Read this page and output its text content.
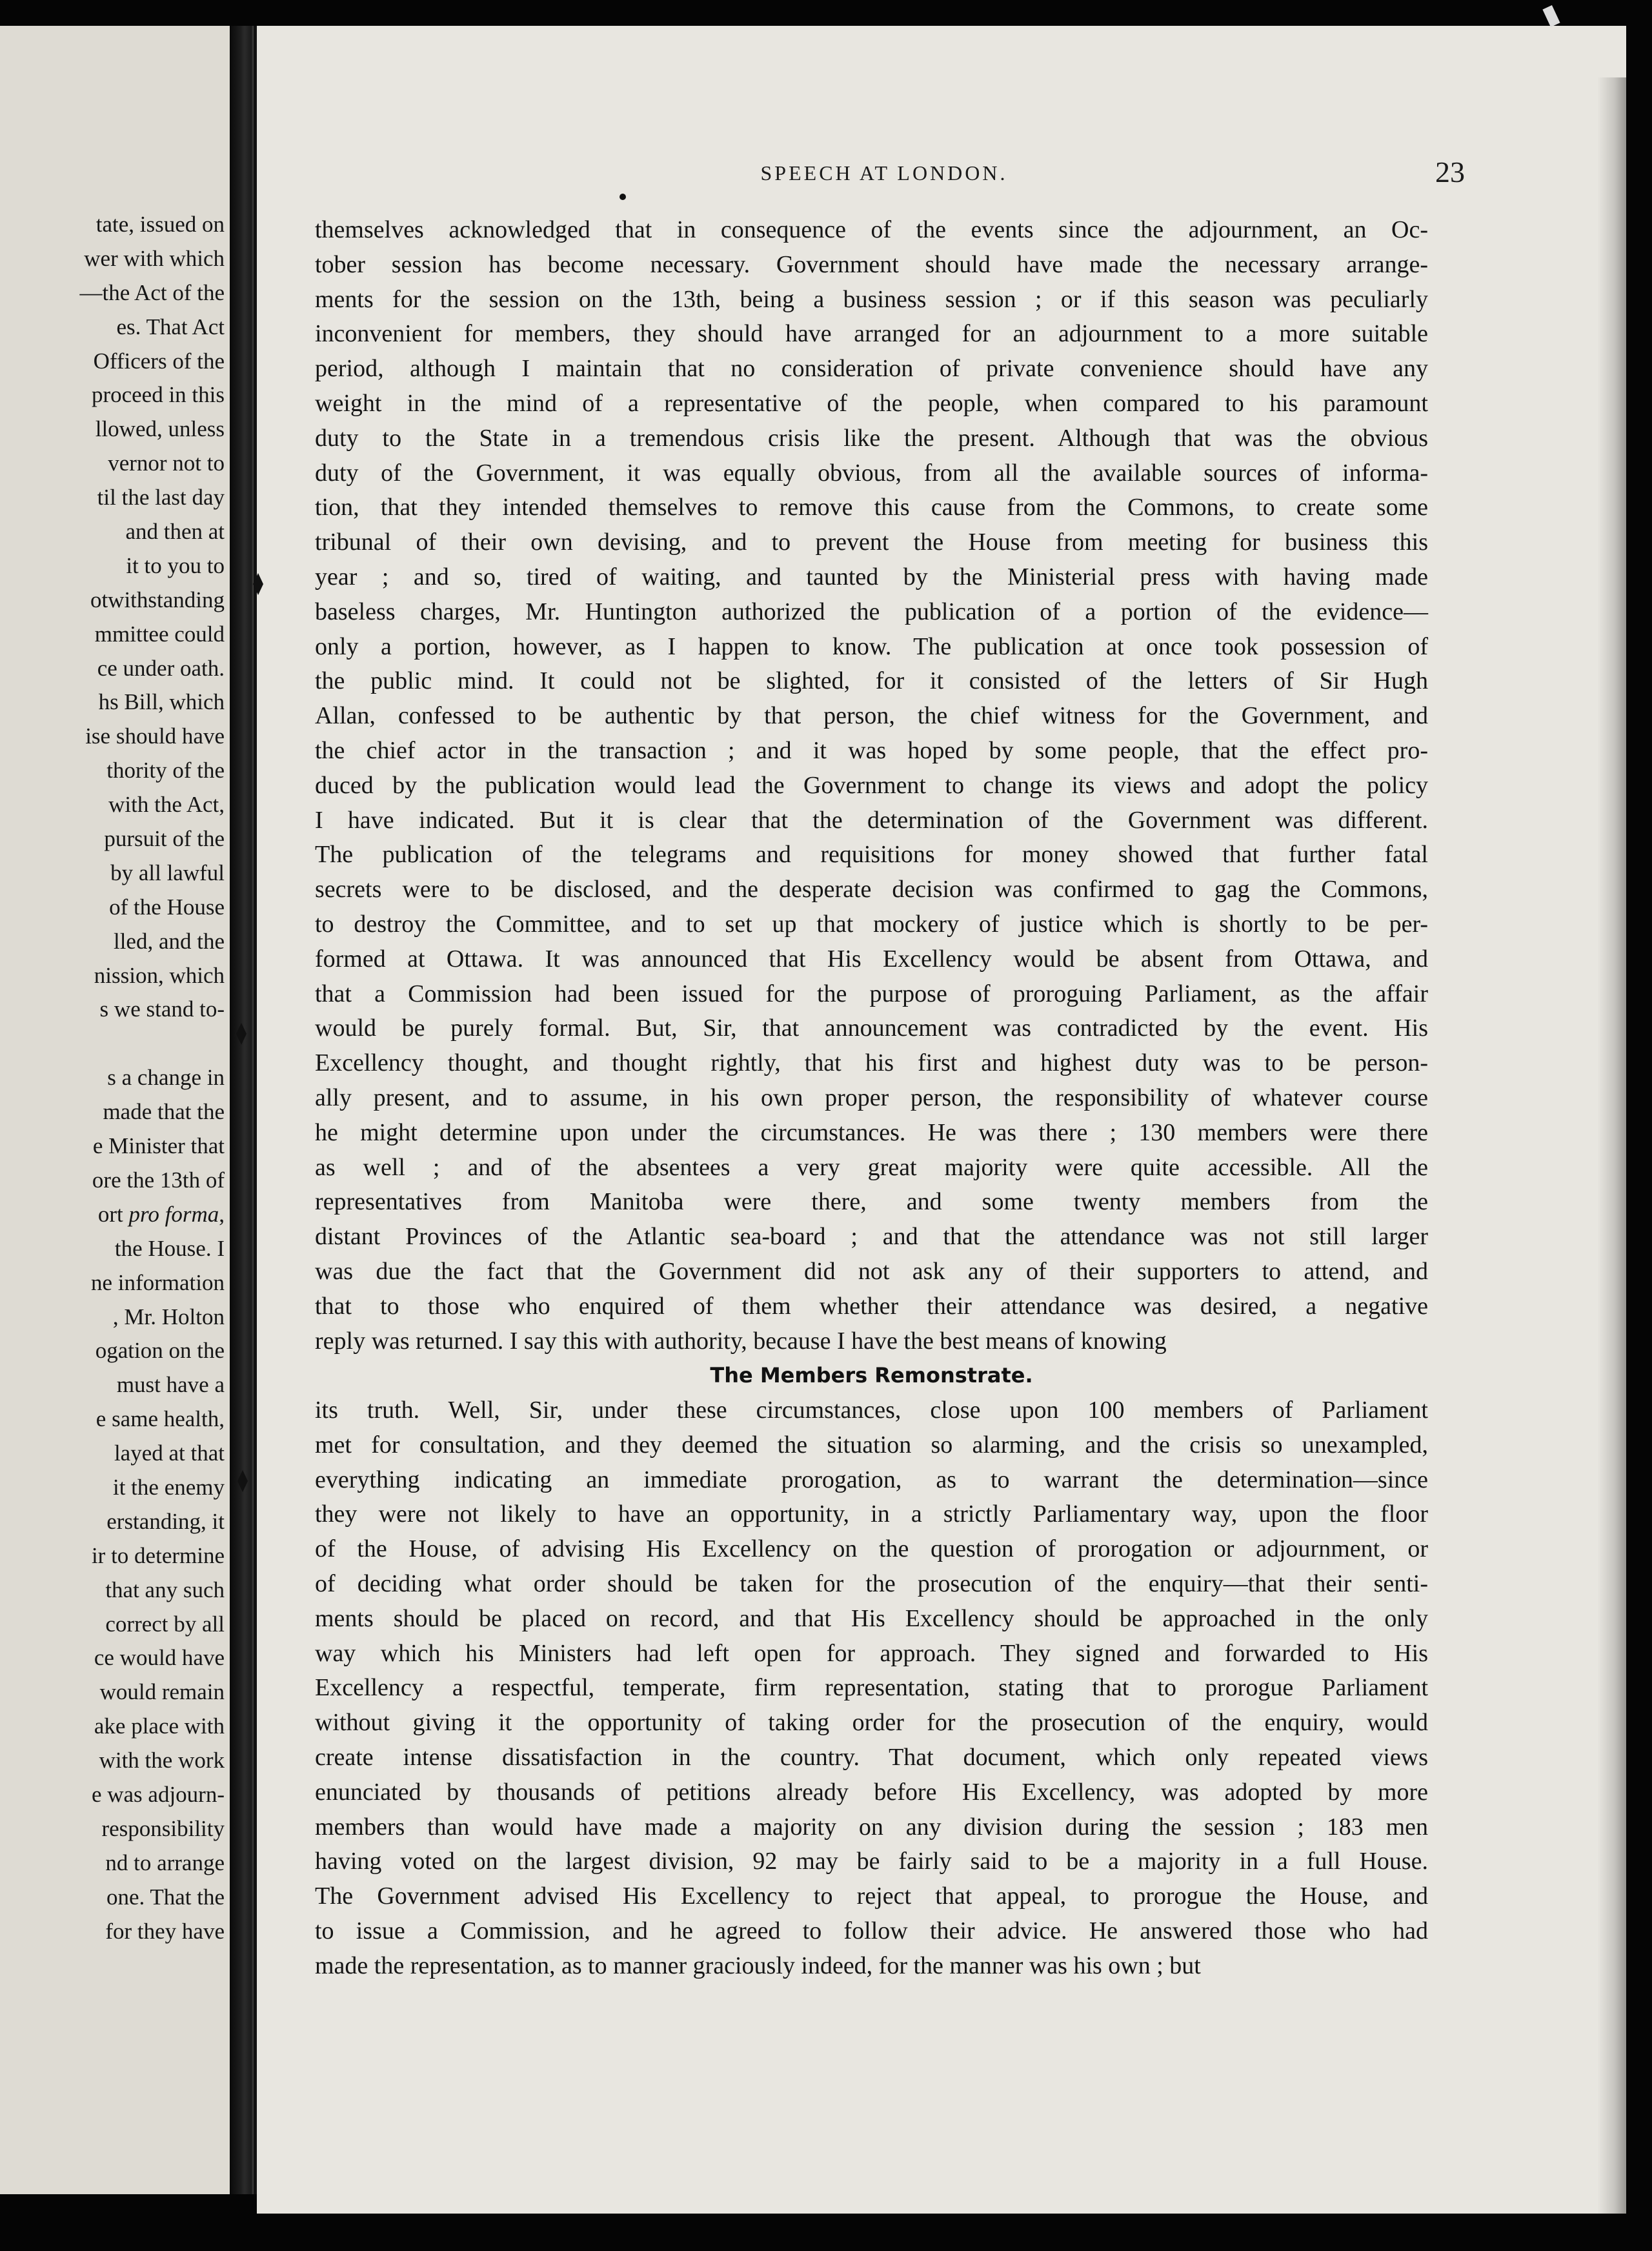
tate, issued on
wer with which
—the Act of the
es. That Act
Officers of the
proceed in this
llowed, unless
vernor not to
til the last day
and then at
it to you to
otwithstanding
mmittee could
ce under oath.
hs Bill, which
ise should have
thority of the
with the Act,
pursuit of the
by all lawful
of the House
lled, and the
nission, which
s we stand to-
s a change in
made that the
e Minister that
ore the 13th of
ort pro forma,
the House. I
ne information
, Mr. Holton
ogation on the
must have a
e same health,
layed at that
it the enemy
erstanding, it
ir to determine
that any such
correct by all
ce would have
would remain
ake place with
with the work
e was adjourn-
responsibility
nd to arrange
one. That the
for they have
SPEECH AT LONDON.	23
themselves acknowledged that in consequence of the events since the adjournment, an Oc-
tober session has become necessary. Government should have made the necessary arrange-
ments for the session on the 13th, being a business session ; or if this season was peculiarly
inconvenient for members, they should have arranged for an adjournment to a more suitable
period, although I maintain that no consideration of private convenience should have any
weight in the mind of a representative of the people, when compared to his paramount
duty to the State in a tremendous crisis like the present. Although that was the obvious
duty of the Government, it was equally obvious, from all the available sources of informa-
tion, that they intended themselves to remove this cause from the Commons, to create some
tribunal of their own devising, and to prevent the House from meeting for business this
year ; and so, tired of waiting, and taunted by the Ministerial press with having made
baseless charges, Mr. Huntington authorized the publication of a portion of the evidence—
only a portion, however, as I happen to know. The publication at once took possession of
the public mind. It could not be slighted, for it consisted of the letters of Sir Hugh
Allan, confessed to be authentic by that person, the chief witness for the Government, and
the chief actor in the transaction ; and it was hoped by some people, that the effect pro-
duced by the publication would lead the Government to change its views and adopt the policy
I have indicated. But it is clear that the determination of the Government was different.
The publication of the telegrams and requisitions for money showed that further fatal
secrets were to be disclosed, and the desperate decision was confirmed to gag the Commons,
to destroy the Committee, and to set up that mockery of justice which is shortly to be per-
formed at Ottawa. It was announced that His Excellency would be absent from Ottawa, and
that a Commission had been issued for the purpose of proroguing Parliament, as the affair
would be purely formal. But, Sir, that announcement was contradicted by the event. His
Excellency thought, and thought rightly, that his first and highest duty was to be person-
ally present, and to assume, in his own proper person, the responsibility of whatever course
he might determine upon under the circumstances. He was there ; 130 members were there
as well ; and of the absentees a very great majority were quite accessible. All the
representatives from Manitoba were there, and some twenty members from the
distant Provinces of the Atlantic sea-board ; and that the attendance was not still larger
was due the fact that the Government did not ask any of their supporters to attend, and
that to those who enquired of them whether their attendance was desired, a negative
reply was returned. I say this with authority, because I have the best means of knowing
The Members Remonstrate.
its truth. Well, Sir, under these circumstances, close upon 100 members of Parliament
met for consultation, and they deemed the situation so alarming, and the crisis so unexampled,
everything indicating an immediate prorogation, as to warrant the determination—since
they were not likely to have an opportunity, in a strictly Parliamentary way, upon the floor
of the House, of advising His Excellency on the question of prorogation or adjournment, or
of deciding what order should be taken for the prosecution of the enquiry—that their senti-
ments should be placed on record, and that His Excellency should be approached in the only
way which his Ministers had left open for approach. They signed and forwarded to His
Excellency a respectful, temperate, firm representation, stating that to prorogue Parliament
without giving it the opportunity of taking order for the prosecution of the enquiry, would
create intense dissatisfaction in the country. That document, which only repeated views
enunciated by thousands of petitions already before His Excellency, was adopted by more
members than would have made a majority on any division during the session ; 183 men
having voted on the largest division, 92 may be fairly said to be a majority in a full House.
The Government advised His Excellency to reject that appeal, to prorogue the House, and
to issue a Commission, and he agreed to follow their advice. He answered those who had
made the representation, as to manner graciously indeed, for the manner was his own ; but
